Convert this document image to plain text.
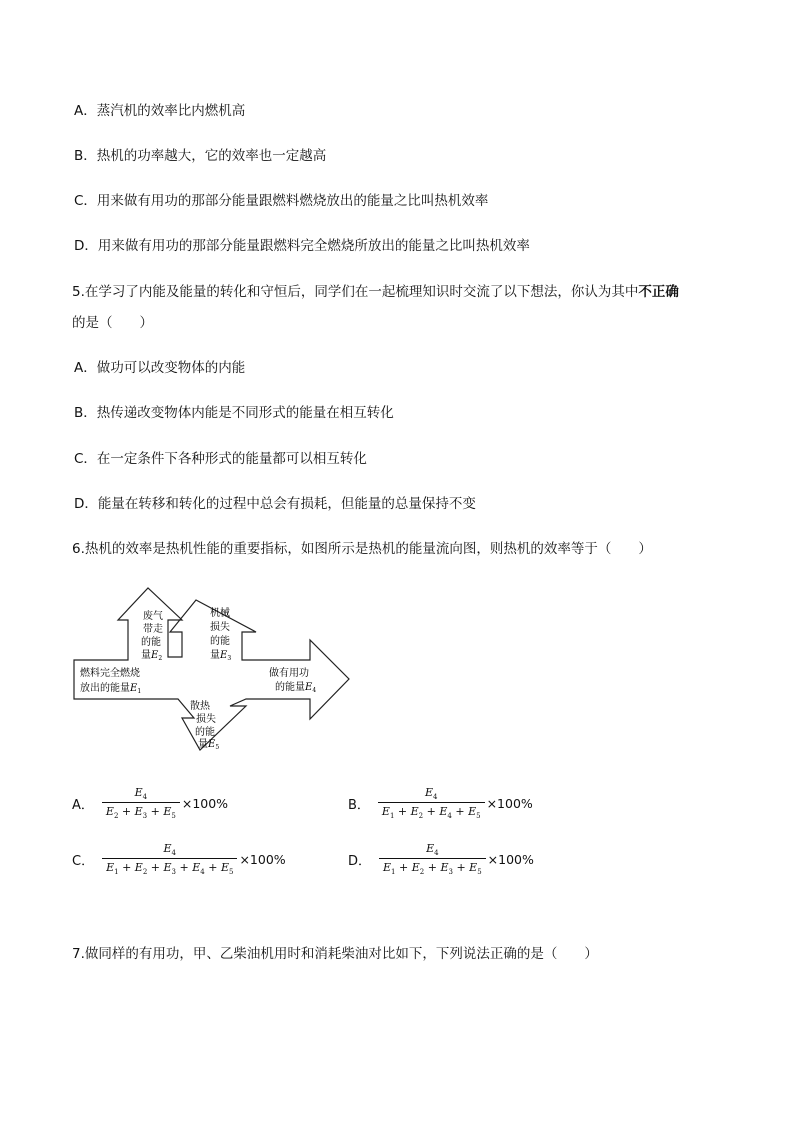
A．蒸汽机的效率比内燃机高
B．热机的功率越大，它的效率也一定越高
C．用来做有用功的那部分能量跟燃料燃烧放出的能量之比叫热机效率
D．用来做有用功的那部分能量跟燃料完全燃烧所放出的能量之比叫热机效率
5.在学习了内能及能量的转化和守恒后，同学们在一起梳理知识时交流了以下想法，你认为其中不正确
的是（　　）
A．做功可以改变物体的内能
B．热传递改变物体内能是不同形式的能量在相互转化
C．在一定条件下各种形式的能量都可以相互转化
D．能量在转移和转化的过程中总会有损耗，但能量的总量保持不变
6.热机的效率是热机性能的重要指标，如图所示是热机的能量流向图，则热机的效率等于（　　）
废气
带走
的能
量$E_2$
机械
损失
的能
量$E_3$
燃料完全燃烧
放出的能量$E_1$
做有用功
的能量$E_4$
散热
损 失
的能
量$E_5$
A． $\frac{E_4}{E_2 + E_3 + E_5} \times 100\%$	B． $\frac{E_4}{E_1 + E_2 + E_4 + E_5} \times 100\%$
C． $\frac{E_4}{E_1 + E_2 + E_3 + E_4 + E_5} \times 100\%$	D． $\frac{E_4}{E_1 + E_2 + E_3 + E_5} \times 100\%$
7.做同样的有用功，甲、乙柴油机用时和消耗柴油对比如下，下列说法正确的是（　　）
